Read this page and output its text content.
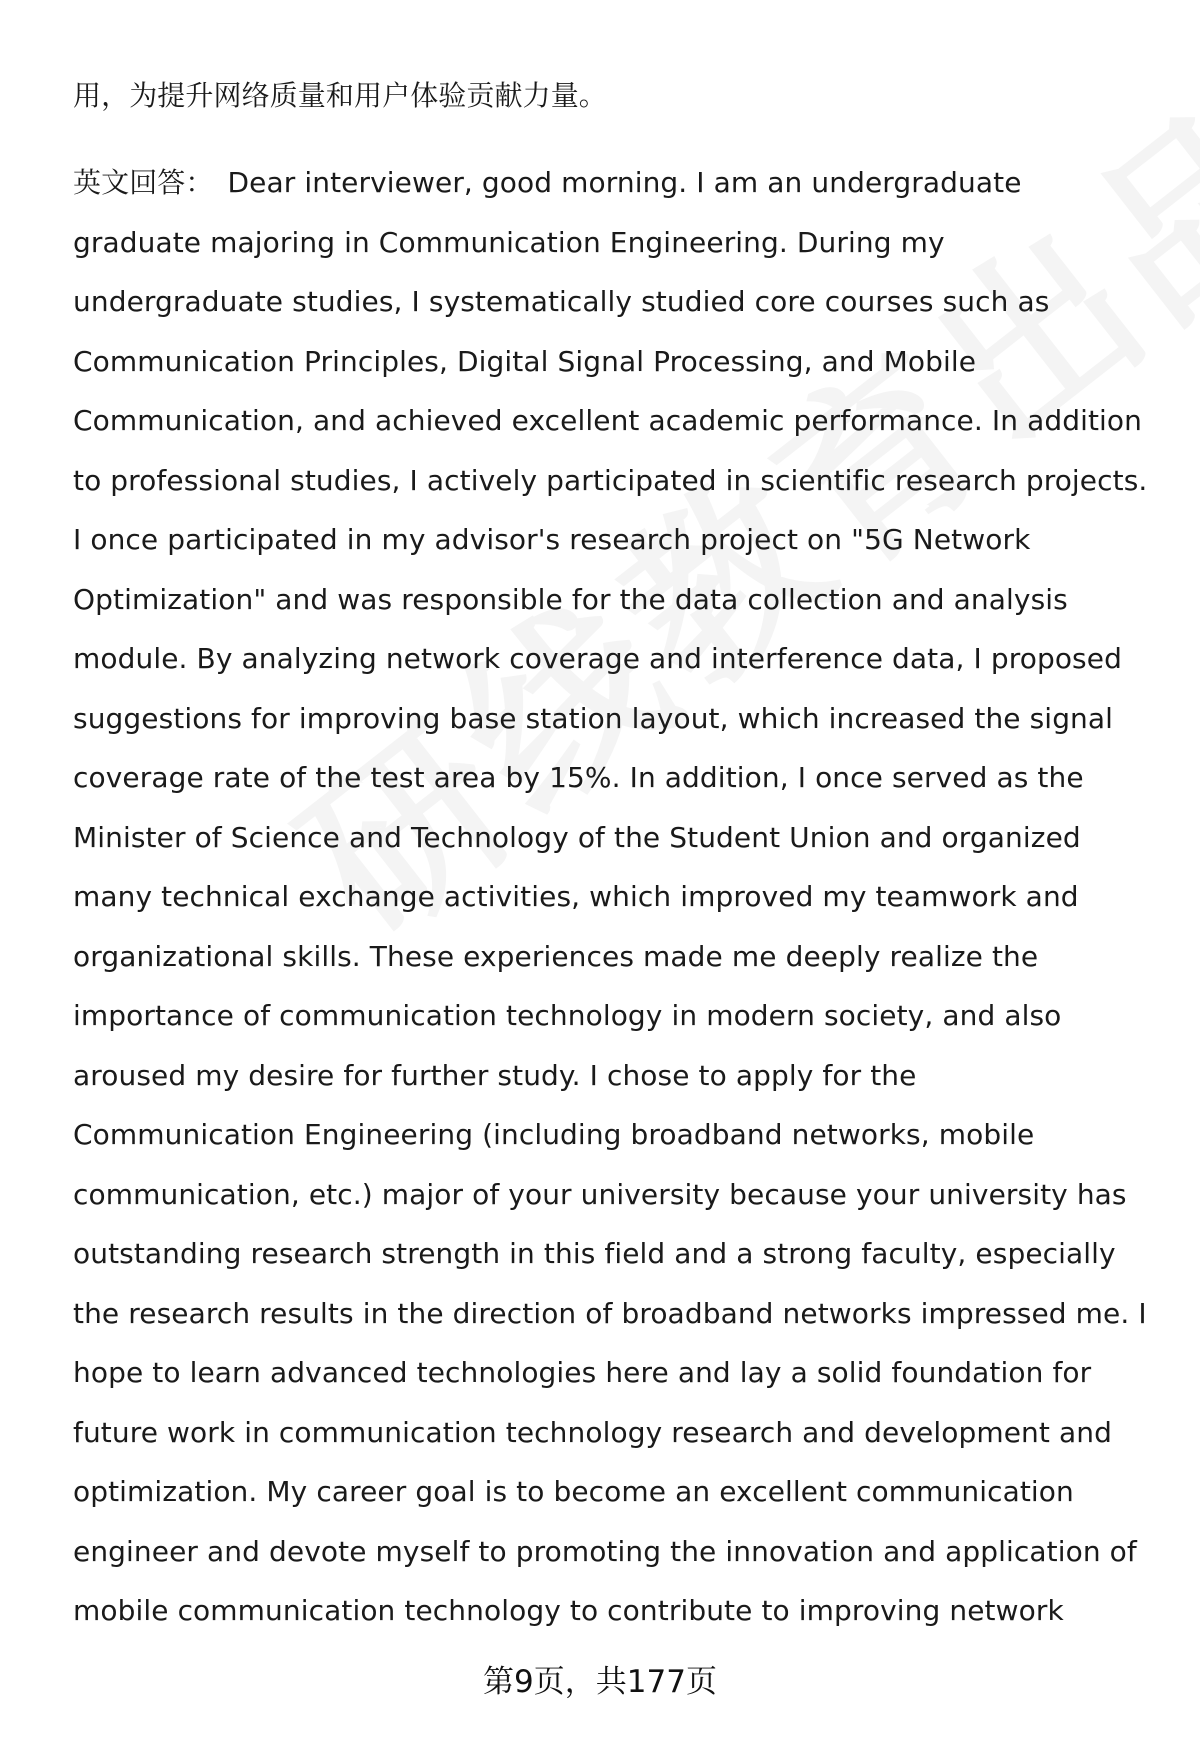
用，为提升网络质量和用户体验贡献力量。
英文回答： Dear interviewer, good morning. I am an undergraduate
graduate majoring in Communication Engineering. During my
undergraduate studies, I systematically studied core courses such as
Communication Principles, Digital Signal Processing, and Mobile
Communication, and achieved excellent academic performance. In addition
to professional studies, I actively participated in scientific research projects.
I once participated in my advisor's research project on "5G Network
Optimization" and was responsible for the data collection and analysis
module. By analyzing network coverage and interference data, I proposed
suggestions for improving base station layout, which increased the signal
coverage rate of the test area by 15%. In addition, I once served as the
Minister of Science and Technology of the Student Union and organized
many technical exchange activities, which improved my teamwork and
organizational skills. These experiences made me deeply realize the
importance of communication technology in modern society, and also
aroused my desire for further study. I chose to apply for the
Communication Engineering (including broadband networks, mobile
communication, etc.) major of your university because your university has
outstanding research strength in this field and a strong faculty, especially
the research results in the direction of broadband networks impressed me. I
hope to learn advanced technologies here and lay a solid foundation for
future work in communication technology research and development and
optimization. My career goal is to become an excellent communication
engineer and devote myself to promoting the innovation and application of
mobile communication technology to contribute to improving network
第9页，共177页
